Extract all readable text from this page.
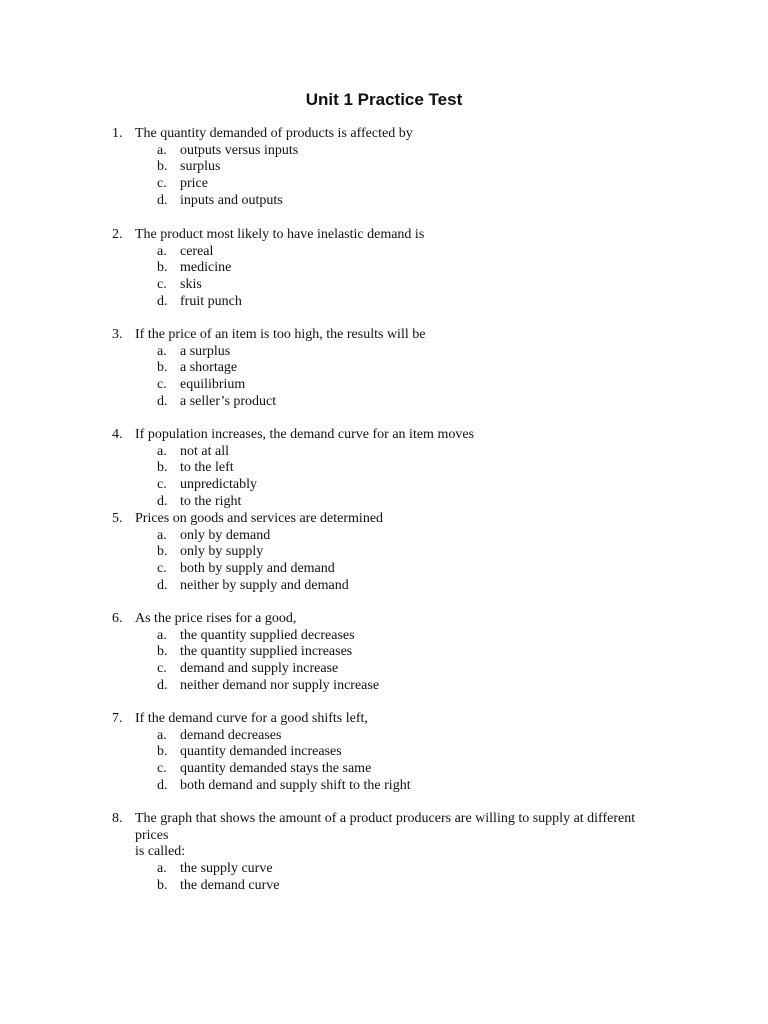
Unit 1 Practice Test
1. The quantity demanded of products is affected by
a. outputs versus inputs
b. surplus
c. price
d. inputs and outputs
2. The product most likely to have inelastic demand is
a. cereal
b. medicine
c. skis
d. fruit punch
3. If the price of an item is too high, the results will be
a. a surplus
b. a shortage
c. equilibrium
d. a seller’s product
4. If population increases, the demand curve for an item moves
a. not at all
b. to the left
c. unpredictably
d. to the right
5. Prices on goods and services are determined
a. only by demand
b. only by supply
c. both by supply and demand
d. neither by supply and demand
6. As the price rises for a good,
a. the quantity supplied decreases
b. the quantity supplied increases
c. demand and supply increase
d. neither demand nor supply increase
7. If the demand curve for a good shifts left,
a. demand decreases
b. quantity demanded increases
c. quantity demanded stays the same
d. both demand and supply shift to the right
8. The graph that shows the amount of a product producers are willing to supply at different
prices
is called:
a. the supply curve
b. the demand curve
